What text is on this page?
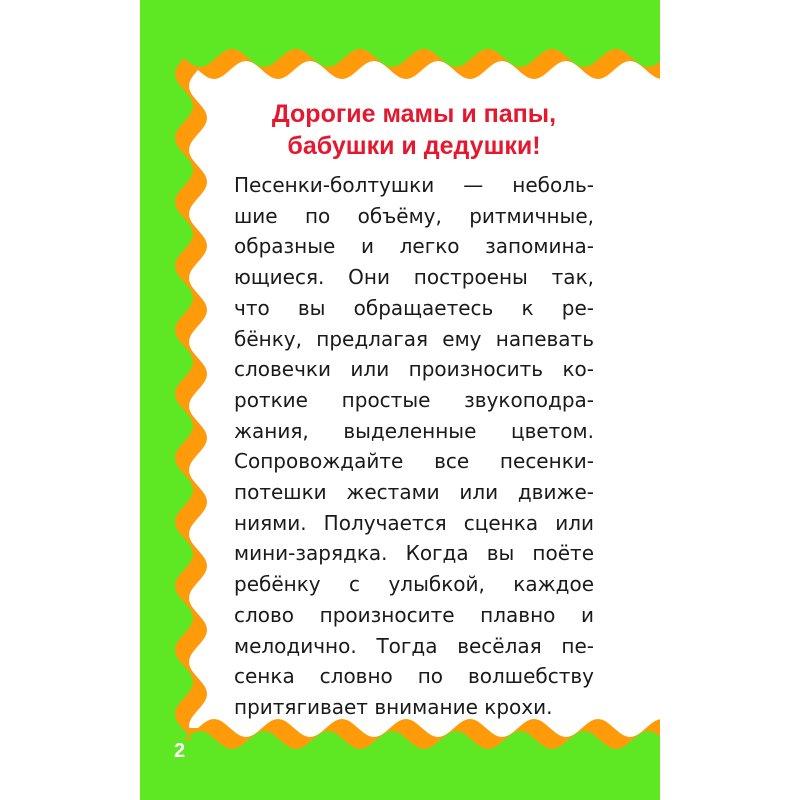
Дорогие мамы и папы,
бабушки и дедушки!
Песенки-болтушки — неболь-
шие по объёму, ритмичные,
образные и легко запомина-
ющиеся. Они построены так,
что вы обращаетесь к ре-
бёнку, предлагая ему напевать
словечки или произносить ко-
роткие простые звукоподра-
жания, выделенные цветом.
Сопровождайте все песенки-
потешки жестами или движе-
ниями. Получается сценка или
мини-зарядка. Когда вы поёте
ребёнку с улыбкой, каждое
слово произносите плавно и
мелодично. Тогда весёлая пе-
сенка словно по волшебству
притягивает внимание крохи.
2
